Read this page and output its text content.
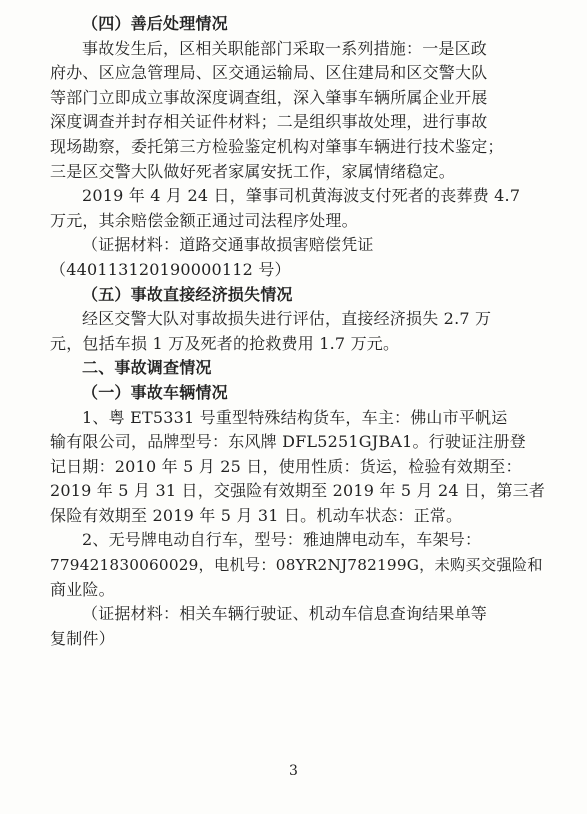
（四）善后处理情况
事故发生后，区相关职能部门采取一系列措施：一是区政
府办、区应急管理局、区交通运输局、区住建局和区交警大队
等部门立即成立事故深度调查组，深入肇事车辆所属企业开展
深度调查并封存相关证件材料；二是组织事故处理，进行事故
现场勘察，委托第三方检验鉴定机构对肇事车辆进行技术鉴定；
三是区交警大队做好死者家属安抚工作，家属情绪稳定。
2019 年 4 月 24 日，肇事司机黄海波支付死者的丧葬费 4.7
万元，其余赔偿金额正通过司法程序处理。
（证据材料：道路交通事故损害赔偿凭证
（440113120190000112 号）
（五）事故直接经济损失情况
经区交警大队对事故损失进行评估，直接经济损失 2.7 万
元，包括车损 1 万及死者的抢救费用 1.7 万元。
二、事故调查情况
（一）事故车辆情况
1、粤 ET5331 号重型特殊结构货车，车主：佛山市平帆运
输有限公司，品牌型号：东风牌 DFL5251GJBA1。行驶证注册登
记日期：2010 年 5 月 25 日，使用性质：货运，检验有效期至：
2019 年 5 月 31 日，交强险有效期至 2019 年 5 月 24 日，第三者
保险有效期至 2019 年 5 月 31 日。机动车状态：正常。
2、无号牌电动自行车，型号：雅迪牌电动车，车架号：
779421830060029，电机号：08YR2NJ782199G，未购买交强险和
商业险。
（证据材料：相关车辆行驶证、机动车信息查询结果单等
复制件）
3
